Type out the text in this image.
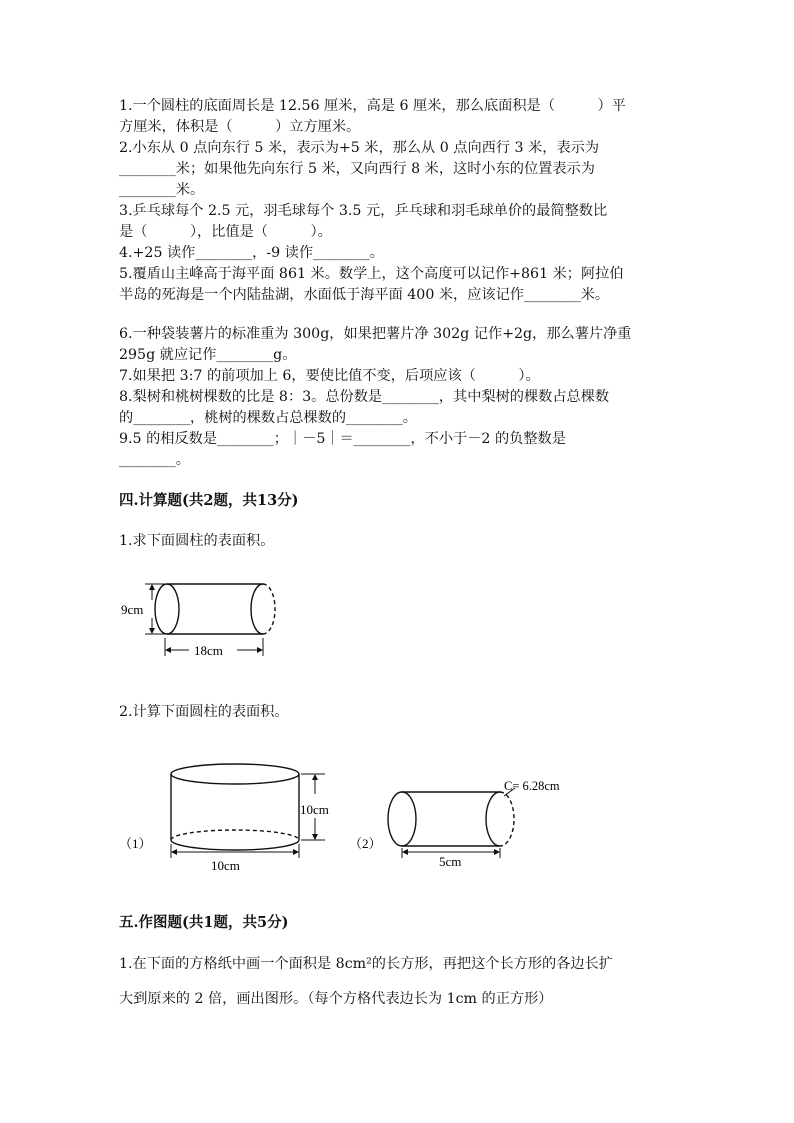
1.一个圆柱的底面周长是 12.56 厘米，高是 6 厘米，那么底面积是（　　　）平
方厘米，体积是（　　　）立方厘米。
2.小东从 0 点向东行 5 米，表示为+5 米，那么从 0 点向西行 3 米，表示为
________米；如果他先向东行 5 米，又向西行 8 米，这时小东的位置表示为
________米。
3.乒乓球每个 2.5 元，羽毛球每个 3.5 元，乒乓球和羽毛球单价的最简整数比
是（　　　），比值是（　　　）。
4.+25 读作________，-9 读作________。
5.覆盾山主峰高于海平面 861 米。数学上，这个高度可以记作+861 米；阿拉伯
半岛的死海是一个内陆盐湖，水面低于海平面 400 米，应该记作________米。
6.一种袋装薯片的标准重为 300g，如果把薯片净 302g 记作+2g，那么薯片净重
295g 就应记作________g。
7.如果把 3:7 的前项加上 6，要使比值不变，后项应该（　　　）。
8.梨树和桃树棵数的比是 8：3。总份数是________，其中梨树的棵数占总棵数
的________，桃树的棵数占总棵数的________。
9.5 的相反数是________；｜－5｜＝________，不小于－2 的负整数是
________。
四.计算题(共2题，共13分)
1.求下面圆柱的表面积。
9cm
18cm
2.计算下面圆柱的表面积。
（1）
10cm
10cm
（2）
C= 6.28cm
5cm
五.作图题(共1题，共5分)
1.在下面的方格纸中画一个面积是 8cm²的长方形，再把这个长方形的各边长扩
大到原来的 2 倍，画出图形。（每个方格代表边长为 1cm 的正方形）
